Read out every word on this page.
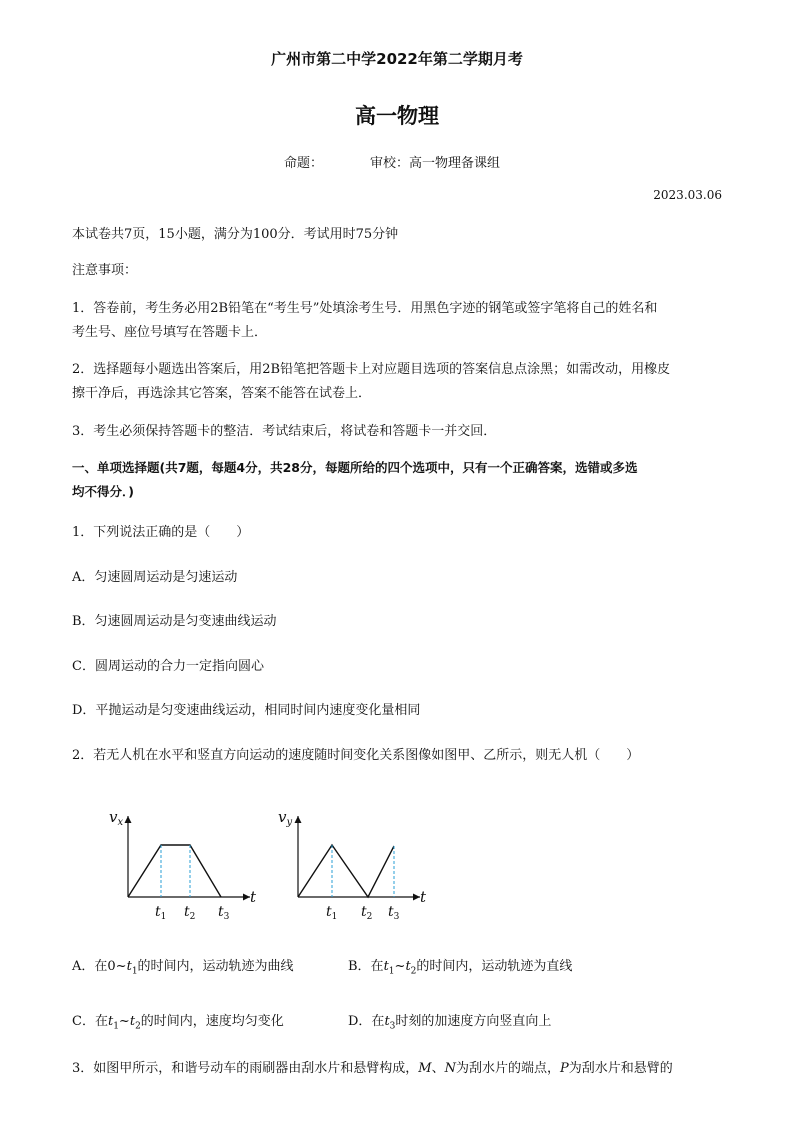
广州市第二中学2022年第二学期月考
高一物理
命题：	审校：高一物理备课组
2023.03.06
本试卷共7页，15小题，满分为100分．考试用时75分钟
注意事项：
1．答卷前，考生务必用2B铅笔在“考生号”处填涂考生号．用黑色字迹的钢笔或签字笔将自己的姓名和
考生号、座位号填写在答题卡上．
2．选择题每小题选出答案后，用2B铅笔把答题卡上对应题目选项的答案信息点涂黑；如需改动，用橡皮
擦干净后，再选涂其它答案，答案不能答在试卷上．
3．考生必须保持答题卡的整洁．考试结束后，将试卷和答题卡一并交回．
一、单项选择题(共7题，每题4分，共28分，每题所给的四个选项中，只有一个正确答案，选错或多选
均不得分．)
1．下列说法正确的是（　　）
A．匀速圆周运动是匀速运动
B．匀速圆周运动是匀变速曲线运动
C．圆周运动的合力一定指向圆心
D．平抛运动是匀变速曲线运动，相同时间内速度变化量相同
2．若无人机在水平和竖直方向运动的速度随时间变化关系图像如图甲、乙所示，则无人机（　　）
$v_x$
t
$t_1$ $t_2$ $t_3$
$v_y$
t
$t_1$ $t_2$ $t_3$
A．在$0\sim t_1$的时间内，运动轨迹为曲线	B．在$t_1\sim t_2$的时间内，运动轨迹为直线
C．在$t_1\sim t_2$的时间内，速度均匀变化	D．在$t_3$时刻的加速度方向竖直向上
3．如图甲所示，和谐号动车的雨刷器由刮水片和悬臂构成，M、N为刮水片的端点，P为刮水片和悬臂的
